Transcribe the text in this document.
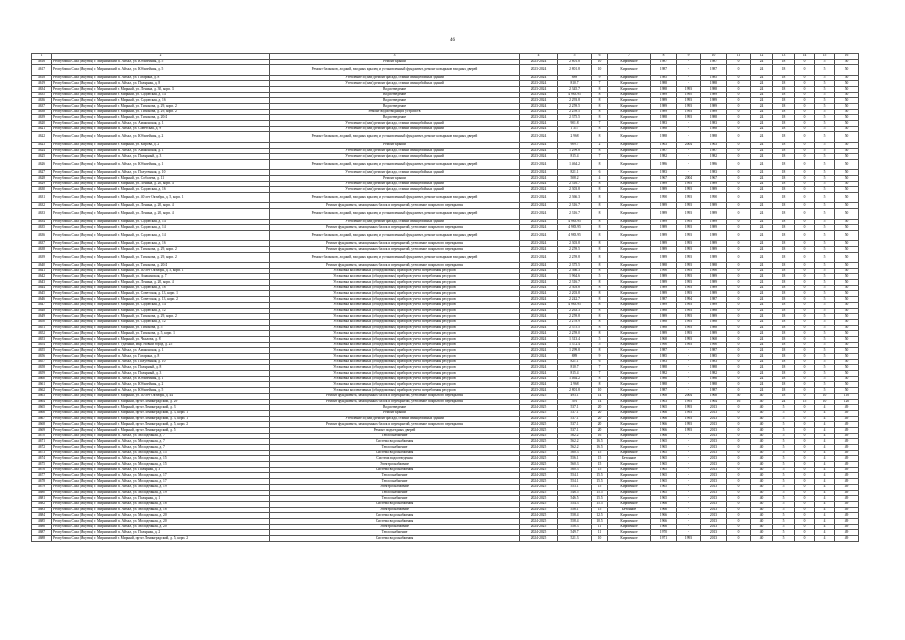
46
1	2	3	4	5	6	7	8	9	10	11	12	13	14	15	16
4616	Республика Саха (Якутия) г. Мирнинский п. Айхал, ул. Юбилейная, д. 5	Ремонт крыши	2023-2024	2 801.8	10	Кирпичное	1987	-	1987	0	24	18	0	5	50
4617	Республика Саха (Якутия) г. Мирнинский п. Айхал, ул. Юбилейная, д. 5	Ремонт балконов, лоджий, входных крылец и установленный фундамент, ремонт козырьков входных дверей	2023-2024	2 801.8	10	Кирпичное	1987	-	1987	0	24	18	0	5	50
4618	Республика Саха (Якутия) г. Мирнинский п. Айхал, ул. Гагарина, д. 8	Утепление и (или) ремонт фасада, ставни свинцобойных зданий	2023-2024	889	9	Кирпичное	1985	-	1985	0	24	18	0	5	50
4619	Республика Саха (Якутия) г. Мирнинский п. Айхал, ул. Полярная, д. 8	Утепление и (или) ремонт фасада, ставни свинцобойных зданий	2023-2024	810.7	7	Кирпичное	1988	-	1988	0	24	18	0	5	50
4634	Республика Саха (Якутия) г. Мирнинский г. Мирный, ул. Ленина, д. 30, корп. 3	Водоотведение	2023-2024	2 345.7	8	Кирпичное	1988	1993	1988	0	24	18	0	5	50
4635	Республика Саха (Якутия) г. Мирнинский г. Мирный, ул. Садовская, д. 14	Водоотведение	2023-2024	4 983.95	8	Кирпичное	1989	1995	1989	0	24	18	0	5	50
4636	Республика Саха (Якутия) г. Мирнинский г. Мирный, ул. Садовская, д. 16	Водоотведение	2023-2024	2 293.8	8	Кирпичное	1989	1993	1989	0	24	18	0	5	50
4637	Республика Саха (Якутия) г. Мирнинский г. Мирный, ул. Тихонова, д. 29, корп. 2	Водоотведение	2023-2024	2 259.5	8	Кирпичное	1989	1993	1989	0	24	18	0	5	50
4638	Республика Саха (Якутия) г. Мирнинский г. Мирный, ул. Тихонова, д. 29, корп. 2	Ремонт водоотводящих устройств	2023-2024	2 259.5	8	Кирпичное	1989	1993	1989	0	24	18	0	5	50
4639	Республика Саха (Якутия) г. Мирнинский г. Мирный, ул. Тихонова, д. 20/4	Водоотведение	2023-2024	2 375.5	8	Кирпичное	1988	1993	1988	0	24	18	0	5	50
4620	Республика Саха (Якутия) г. Мирнинский п. Айхал, ул. Амаконская, д. 1	Утепление и (или) ремонт фасада, ставни свинцобойных зданий	2023-2024	901.8	7	Кирпичное	1983	-	1983	0	24	18	0	5	50
4621	Республика Саха (Якутия) г. Мирнинский п. Айхал, ул. Советская, д. 9	Утепление и (или) ремонт фасада, ставни свинцобойных зданий	2023-2024	1 317	8	Кирпичное	1988	-	1988	0	24	18	0	5	50
4622	Республика Саха (Якутия) г. Мирнинский п. Айхал, ул. Юбилейная, д. 2	Ремонт балконов, лоджий, входных крылец и установленный фундамент, ремонт козырьков входных дверей	2023-2024	2 968	8	Кирпичное	1988	-	1988	0	24	18	0	5	50
4623	Республика Саха (Якутия) г. Мирнинский г. Мирный, ул. Кирова, д. 2	Ремонт крыши	2023-2024	909.7	2	Кирпичное	1963	2004	1963	0	24	18	0	5	50
4624	Республика Саха (Якутия) г. Мирнинский п. Айхал, ул. Амаконская, д. 1	Утепление и (или) ремонт фасада, ставни свинцобойных зданий	2023-2024	1 299.8	8	Кирпичное	1987	-	1987	0	24	18	0	5	50
4625	Республика Саха (Якутия) г. Мирнинский п. Айхал, ул. Полярный, д. 3	Утепление и (или) ремонт фасада, ставни свинцобойных зданий	2023-2024	815.4	7	Кирпичное	1982	-	1982	0	24	18	0	5	50
4626	Республика Саха (Якутия) г. Мирнинский п. Айхал, ул. Юбилейная, д. 1	Ремонт балконов, лоджий, входных крылец и установленный фундамент, ремонт козырьков входных дверей	2023-2024	1 464.2	8	Кирпичное	1986	-	1986	0	24	18	0	5	50
4627	Республика Саха (Якутия) г. Мирнинский п. Айхал, ул. Полутенная, д. 10	Утепление и (или) ремонт фасада, ставни свинцобойных зданий	2023-2024	821.1	6	Кирпичное	1983	-	1983	0	24	18	0	5	50
4628	Республика Саха (Якутия) г. Мирнинский г. Мирный, ул. Соболева, д. 11	Ремонт крыши	2023-2024	508.2	4	Кирпичное	1967	2004	1967	0	24	18	0	5	50
4629	Республика Саха (Якутия) г. Мирнинский г. Мирный, ул. Ленина, д. 20, корп. 4	Утепление и (или) ремонт фасада, ставни свинцобойных зданий	2023-2024	2 316.7	8	Кирпичное	1989	1993	1989	0	24	18	0	5	50
4630	Республика Саха (Якутия) г. Мирнинский г. Мирный, ул. Садовская, д. 16	Утепление и (или) ремонт фасада, ставни свинцобойных зданий	2023-2024	2 303.8	8	Кирпичное	1989	1993	1989	0	24	18	0	5	50
4631	Республика Саха (Якутия) г. Мирнинский г. Мирный, ул. 40 лет Октября, д. 5, корп. 1	Ремонт балконов, лоджий, входных крылец и установленный фундамент, ремонт козырьков входных дверей	2023-2024	2 366.3	8	Кирпичное	1990	1993	1990	0	24	18	0	5	50
4632	Республика Саха (Якутия) г. Мирнинский г. Мирный, ул. Ленина, д. 20, корп. 4	Ремонт фундамента, замощенных балок и перекрытий, утепление покрытого перекрытия	2023-2024	2 316.7	8	Кирпичное	1989	1993	1989	0	24	18	0	5	50
4633	Республика Саха (Якутия) г. Мирнинский г. Мирный, ул. Ленина, д. 20, корп. 4	Ремонт балконов, лоджий, входных крылец и установленный фундамент, ремонт козырьков входных дверей	2023-2024	2 316.7	8	Кирпичное	1989	1993	1989	0	24	18	0	5	50
4634	Республика Саха (Якутия) г. Мирнинский г. Мирный, ул. Садовская, д. 14	Утепление и (или) ремонт фасада, ставни свинцобойных зданий	2023-2024	4 983.95	8	Кирпичное	1989	1993	1989	0	24	18	0	5	50
4635	Республика Саха (Якутия) г. Мирнинский г. Мирный, ул. Садовская, д. 14	Ремонт фундамента, замощенных балок и перекрытий, утепление покрытого перекрытия	2023-2024	4 983.95	8	Кирпичное	1989	1993	1989	0	24	18	0	5	50
4636	Республика Саха (Якутия) г. Мирнинский г. Мирный, ул. Садовская, д. 14	Ремонт балконов, лоджий, входных крылец и установленный фундамент, ремонт козырьков входных дверей	2023-2024	4 983.95	8	Кирпичное	1989	1993	1989	0	24	18	0	5	50
4637	Республика Саха (Якутия) г. Мирнинский г. Мирный, ул. Садовская, д. 16	Ремонт фундамента, замощенных балок и перекрытий, утепление покрытого перекрытия	2023-2024	2 303.8	8	Кирпичное	1989	1993	1989	0	24	18	0	5	50
4638	Республика Саха (Якутия) г. Мирнинский г. Мирный, ул. Тихонова, д. 29, корп. 2	Ремонт фундамента, замощенных балок и перекрытий, утепление покрытого перекрытия	2023-2024	2 259.5	8	Кирпичное	1989	1993	1989	0	24	18	0	5	50
4639	Республика Саха (Якутия) г. Мирнинский г. Мирный, ул. Тихонова, д. 29, корп. 2	Ремонт балконов, лоджий, входных крылец и установленный фундамент, ремонт козырьков входных дверей	2023-2024	2 259.8	8	Кирпичное	1989	1993	1989	0	24	18	0	5	50
4640	Республика Саха (Якутия) г. Мирнинский г. Мирный, ул. Тихонова, д. 20/4	Ремонт фундамента, замощенных балок и перекрытий, утепление покрытого перекрытия	2023-2024	2 375.5	8	Кирпичное	1988	1993	1988	0	24	18	0	5	50
4641	Республика Саха (Якутия) г. Мирнинский г. Мирный, ул. 40 лет Октября, д. 5, корп. 1	Установка коллективных (общедомовых) приборов учета потребления ресурсов	2023-2024	2 366.3	8	Кирпичное	1990	1993	1990	0	24	18	0	5	50
4642	Республика Саха (Якутия) г. Мирнинский г. Мирный, ул. Амакинская, д. 7	Установка коллективных (общедомовых) приборов учета потребления ресурсов	2023-2024	1 964.6	5	Кирпичное	1989	1993	1989	0	24	18	0	5	50
4643	Республика Саха (Якутия) г. Мирнинский г. Мирный, ул. Ленина, д. 20, корп. 4	Установка коллективных (общедомовых) приборов учета потребления ресурсов	2023-2024	2 316.7	8	Кирпичное	1989	1993	1989	0	24	18	0	5	50
4644	Республика Саха (Якутия) г. Мирнинский г. Мирный, ул. Садовская, д. 16	Установка коллективных (общедомовых) приборов учета потребления ресурсов	2023-2024	2 303.8	8	Кирпичное	1989	1993	1989	0	24	18	0	5	50
4645	Республика Саха (Якутия) г. Мирнинский г. Мирный, ул. Советская, д. 13, корп. 1	Установка коллективных (общедомовых) приборов учета потребления ресурсов	2023-2024	2 203.8	8	Кирпичное	1989	1993	1989	0	24	18	0	5	50
4646	Республика Саха (Якутия) г. Мирнинский г. Мирный, ул. Советская, д. 13, корп. 2	Установка коллективных (общедомовых) приборов учета потребления ресурсов	2023-2024	2 242.7	8	Кирпичное	1987	1994	1987	0	24	18	0	5	50
4647	Республика Саха (Якутия) г. Мирнинский г. Мирный, ул. Садовская, д. 14	Установка коллективных (общедомовых) приборов учета потребления ресурсов	2023-2024	4 983.95	8	Кирпичное	1989	1993	1989	0	24	18	0	5	50
4648	Республика Саха (Якутия) г. Мирнинский г. Мирный, ул. Садовская, д. 12	Установка коллективных (общедомовых) приборов учета потребления ресурсов	2023-2024	2 263.3	8	Кирпичное	1988	1993	1988	0	24	18	0	5	50
4649	Республика Саха (Якутия) г. Мирнинский г. Мирный, ул. Тихонова, д. 29, корп. 2	Установка коллективных (общедомовых) приборов учета потребления ресурсов	2023-2024	2 259.8	8	Кирпичное	1989	1993	1989	0	24	18	0	5	50
4650	Республика Саха (Якутия) г. Мирнинский г. Мирный, ул. Садовская, д. 12	Установка коллективных (общедомовых) приборов учета потребления ресурсов	2023-2024	2 278.9	8	Кирпичное	1988	1993	1988	0	24	18	0	5	50
4651	Республика Саха (Якутия) г. Мирнинский г. Мирный, ул. Тихонова, д. 5	Установка коллективных (общедомовых) приборов учета потребления ресурсов	2023-2024	2 375.5	8	Кирпичное	1988	1993	1988	0	24	18	0	5	50
4652	Республика Саха (Якутия) г. Мирнинский г. Мирный, ул. Тихонова, д. 5, корп. 1	Установка коллективных (общедомовых) приборов учета потребления ресурсов	2023-2024	2 259.0	8	Кирпичное	1989	1993	1989	0	24	18	0	5	50
4653	Республика Саха (Якутия) г. Мирнинский г. Мирный, ул. Чкалова, д. 8	Установка коллективных (общедомовых) приборов учета потребления ресурсов	2023-2024	1 313.4	5	Кирпичное	1968	1993	1968	0	24	18	0	5	50
4654	Республика Саха (Якутия) г. Мирнинский г. Удачный, мкр. Новый город, д. 25	Установка коллективных (общедомовых) приборов учета потребления ресурсов	2023-2024	1 372.4	5	Кирпичное	1990	1993	1990	0	24	18	0	5	50
4655	Республика Саха (Якутия) г. Мирнинский п. Айхал, ул. Амаконская, д. 1	Установка коллективных (общедомовых) приборов учета потребления ресурсов	2023-2024	1 299.8	8	Кирпичное	1987	-	1987	0	24	18	0	5	50
4656	Республика Саха (Якутия) г. Мирнинский п. Айхал, ул. Гагарина, д. 8	Установка коллективных (общедомовых) приборов учета потребления ресурсов	2023-2024	889	9	Кирпичное	1985	-	1985	0	24	18	0	5	50
4657	Республика Саха (Якутия) г. Мирнинский п. Айхал, ул. Полутенная, д. 10	Установка коллективных (общедомовых) приборов учета потребления ресурсов	2023-2024	821.1	6	Кирпичное	1983	-	1983	0	24	18	0	5	50
4658	Республика Саха (Якутия) г. Мирнинский п. Айхал, ул. Полярный, д. 8	Установка коллективных (общедомовых) приборов учета потребления ресурсов	2023-2024	810.7	7	Кирпичное	1988	-	1988	0	24	18	0	5	50
4659	Республика Саха (Якутия) г. Мирнинский п. Айхал, ул. Полярный, д. 3	Установка коллективных (общедомовых) приборов учета потребления ресурсов	2023-2024	815.4	7	Кирпичное	1982	-	1982	0	24	18	0	5	50
4660	Республика Саха (Якутия) г. Мирнинский п. Айхал, ул. Юбилейная, д. 1	Установка коллективных (общедомовых) приборов учета потребления ресурсов	2023-2024	1 464.2	8	Кирпичное	1986	-	1986	0	24	18	0	5	50
4661	Республика Саха (Якутия) г. Мирнинский п. Айхал, ул. Юбилейная, д. 2	Установка коллективных (общедомовых) приборов учета потребления ресурсов	2023-2024	2 968	8	Кирпичное	1988	-	1988	0	24	18	0	5	50
4662	Республика Саха (Якутия) г. Мирнинский п. Айхал, ул. Юбилейная, д. 5	Установка коллективных (общедомовых) приборов учета потребления ресурсов	2023-2024	2 801.8	10	Кирпичное	1987	-	1987	0	24	18	0	5	50
4663	Республика Саха (Якутия) г. Мирнинский г. Мирный, ул. 40 лет Октября, д. 44	Ремонт фундамента, замощенных балок и перекрытий, утепление покрытого перекрытия	2024-2025	493.1	14	Кирпичное	1968	2004	1968	50	40	18	0	10	110
4664	Республика Саха (Якутия) г. Мирнинский г. Мирный, пр-кт Ленинградский, д. 29	Ремонт фундамента, замощенных балок и перекрытий, утепление покрытого перекрытия	2024-2025	391	14	Кирпичное	1963	1993	1964	16	40	24	15	10	120
4665	Республика Саха (Якутия) г. Мирнинский г. Мирный, пр-кт Ленинградский, д. 3	Водоотведение	2024-2025	537.1	20	Кирпичное	1965	1993	2013	0	40	5	0	4	49
4666	Республика Саха (Якутия) г. Мирнинский г. Мирный, пр-кт Ленинградский, д. 3, корп. 1	Ремонт крыши	2024-2025	537.1	20	Кирпичное	1966	1993	2013	0	40	5	0	4	49
4667	Республика Саха (Якутия) г. Мирнинский г. Мирный, пр-кт Ленинградский, д. 3, корп. 1	Утепление и (или) ремонт фасада, ставни свинцобойных зданий	2024-2025	537.1	20	Кирпичное	1966	1993	2013	0	40	5	0	4	49
4668	Республика Саха (Якутия) г. Мирнинский г. Мирный, пр-кт Ленинградский, д. 5, корп. 2	Ремонт фундамента, замощенных балок и перекрытий, утепление покрытого перекрытия	2024-2025	537.1	20	Кирпичное	1966	1993	2013	0	40	5	0	4	49
4669	Республика Саха (Якутия) г. Мирнинский г. Мирный, пр-кт Ленинградский, д. 5	Ремонт подъездных дверей	2024-2025	537.1	20	Кирпичное	1966	1993	2013	0	40	5	0	4	49
4670	Республика Саха (Якутия) г. Мирнинский п. Айхал, ул. Молодежная, д. 7	Теплоснабжение	2024-2025	562.2	16	Кирпичное	1966	-	2013	0	40	5	0	4	49
4671	Республика Саха (Якутия) г. Мирнинский п. Айхал, ул. Молодежная, д. 7	Система водоснабжения	2024-2025	562.2	16.5	Кирпичное	1965	-	2013	0	40	5	0	4	49
4672	Республика Саха (Якутия) г. Мирнинский п. Айхал, ул. Молодежная, д. 7	Теплоснабжение	2024-2025	562.2	16.5	Кирпичное	1965	-	2013	0	40	5	0	4	49
4673	Республика Саха (Якутия) г. Мирнинский п. Айхал, ул. Молодежная, д. 15	Система водоснабжения	2024-2025	560.3	15	Кирпичное	1965	-	2013	0	40	5	0	4	49
4674	Республика Саха (Якутия) г. Мирнинский п. Айхал, ул. Молодежная, д. 15	Система водоотведения	2024-2025	556.1	15	Бетонное	1965	-	2013	0	40	5	0	4	49
4675	Республика Саха (Якутия) г. Мирнинский п. Айхал, ул. Молодежная, д. 15	Электроснабжение	2024-2025	560.3	15	Кирпичное	1965	-	2013	0	40	5	0	4	49
4676	Республика Саха (Якутия) г. Мирнинский п. Айхал, ул. Полярная, д. 3	Система водоснабжения	2024-2025	560.3	15	Кирпичное	1965	-	2013	0	40	5	0	4	49
4677	Республика Саха (Якутия) г. Мирнинский п. Айхал, ул. Молодежная, д. 17	Теплоснабжение	2024-2025	554.1	15.5	Кирпичное	1965	-	2013	0	40	5	0	4	49
4678	Республика Саха (Якутия) г. Мирнинский п. Айхал, ул. Молодежная, д. 17	Теплоснабжение	2024-2025	554.1	15.5	Кирпичное	1965	-	2013	0	40	5	0	4	49
4679	Республика Саха (Якутия) г. Мирнинский п. Айхал, ул. Молодежная, д. 19	Электроснабжение	2024-2025	553.1	15	Кирпичное	1965	-	2013	0	40	5	0	4	49
4680	Республика Саха (Якутия) г. Мирнинский п. Айхал, ул. Молодежная, д. 19	Теплоснабжение	2024-2025	546.5	15.5	Кирпичное	1965	-	2013	0	40	5	0	4	49
4681	Республика Саха (Якутия) г. Мирнинский п. Айхал, ул. Полярная, д. 1	Теплоснабжение	2024-2025	546.5	15.5	Кирпичное	1965	-	2013	0	40	5	0	4	49
4682	Республика Саха (Якутия) г. Мирнинский п. Айхал, ул. Молодежная, д. 18	Система водоснабжения	2024-2025	554.3	15.5	Кирпичное	1966	-	2013	0	40	5	0	4	49
4683	Республика Саха (Якутия) г. Мирнинский п. Айхал, ул. Молодежная, д. 18	Электроснабжение	2024-2025	558.1	15	Бетонное	1966	-	2013	0	40	5	0	4	49
4684	Республика Саха (Якутия) г. Мирнинский п. Айхал, ул. Молодежная, д. 20	Система водоснабжения	2024-2025	558.4	12.5	Кирпичное	1966	-	2013	0	40	5	0	4	49
4685	Республика Саха (Якутия) г. Мирнинский п. Айхал, ул. Молодежная, д. 20	Система водоснабжения	2024-2025	558.4	10.5	Кирпичное	1966	-	2013	0	40	5	0	4	49
4686	Республика Саха (Якутия) г. Мирнинский п. Айхал, ул. Молодежная, д. 20	Электроснабжение	2024-2025	558.3	11	Кирпичное	1966	-	2013	0	40	5	0	4	49
4687	Республика Саха (Якутия) г. Мирнинский п. Айхал, ул. Полярная, д. 2	Теплоснабжение	2024-2025	549.7	11	Кирпичное	1970	-	2013	0	40	5	0	4	49
4688	Республика Саха (Якутия) г. Мирнинский г. Мирный, пр-кт Ленинградский, д. 5, корп. 2	Система водоснабжения	2024-2025	521.3	10	Кирпичное	1971	1993	2013	0	40	5	0	4	49
